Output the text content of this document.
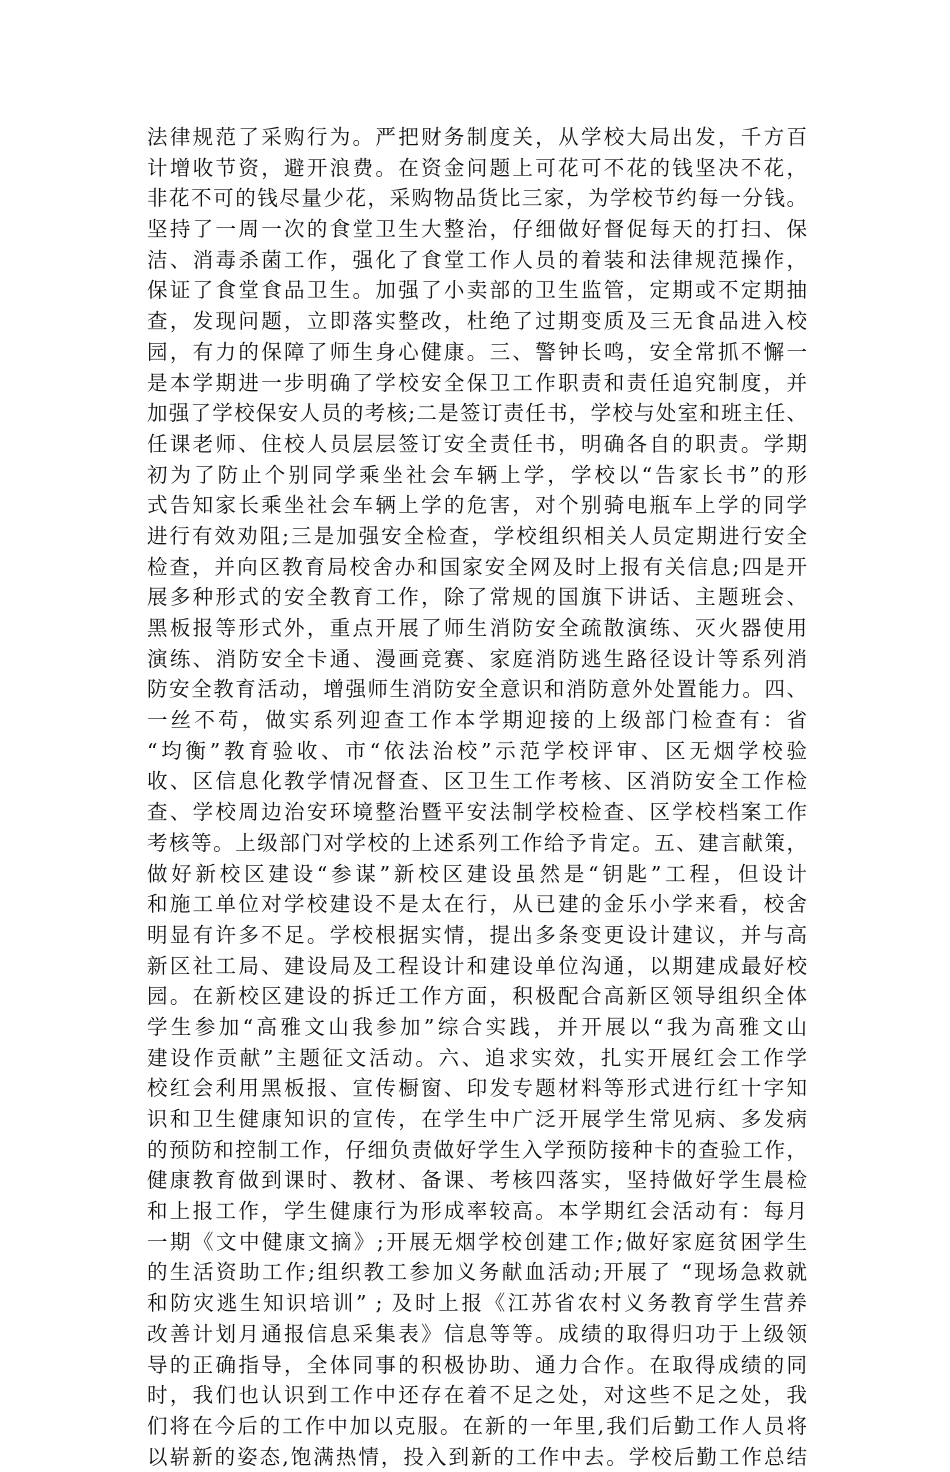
法律规范了采购行为。严把财务制度关，从学校大局出发，千方百
计增收节资，避开浪费。在资金问题上可花可不花的钱坚决不花，
非花不可的钱尽量少花，采购物品货比三家，为学校节约每一分钱。
坚持了一周一次的食堂卫生大整治，仔细做好督促每天的打扫、保
洁、消毒杀菌工作，强化了食堂工作人员的着装和法律规范操作，
保证了食堂食品卫生。加强了小卖部的卫生监管，定期或不定期抽
查，发现问题，立即落实整改，杜绝了过期变质及三无食品进入校
园，有力的保障了师生身心健康。三、警钟长鸣，安全常抓不懈一
是本学期进一步明确了学校安全保卫工作职责和责任追究制度，并
加强了学校保安人员的考核;二是签订责任书，学校与处室和班主任、
任课老师、住校人员层层签订安全责任书，明确各自的职责。学期
初为了防止个别同学乘坐社会车辆上学，学校以“告家长书”的形
式告知家长乘坐社会车辆上学的危害，对个别骑电瓶车上学的同学
进行有效劝阻;三是加强安全检查，学校组织相关人员定期进行安全
检查，并向区教育局校舍办和国家安全网及时上报有关信息;四是开
展多种形式的安全教育工作，除了常规的国旗下讲话、主题班会、
黑板报等形式外，重点开展了师生消防安全疏散演练、灭火器使用
演练、消防安全卡通、漫画竞赛、家庭消防逃生路径设计等系列消
防安全教育活动，增强师生消防安全意识和消防意外处置能力。四、
一丝不苟，做实系列迎查工作本学期迎接的上级部门检查有：省
“均衡”教育验收、市“依法治校”示范学校评审、区无烟学校验
收、区信息化教学情况督查、区卫生工作考核、区消防安全工作检
查、学校周边治安环境整治暨平安法制学校检查、区学校档案工作
考核等。上级部门对学校的上述系列工作给予肯定。五、建言献策，
做好新校区建设“参谋”新校区建设虽然是“钥匙”工程，但设计
和施工单位对学校建设不是太在行，从已建的金乐小学来看，校舍
明显有许多不足。学校根据实情，提出多条变更设计建议，并与高
新区社工局、建设局及工程设计和建设单位沟通，以期建成最好校
园。在新校区建设的拆迁工作方面，积极配合高新区领导组织全体
学生参加“高雅文山我参加”综合实践，并开展以“我为高雅文山
建设作贡献”主题征文活动。六、追求实效，扎实开展红会工作学
校红会利用黑板报、宣传橱窗、印发专题材料等形式进行红十字知
识和卫生健康知识的宣传，在学生中广泛开展学生常见病、多发病
的预防和控制工作，仔细负责做好学生入学预防接种卡的查验工作，
健康教育做到课时、教材、备课、考核四落实，坚持做好学生晨检
和上报工作，学生健康行为形成率较高。本学期红会活动有：每月
一期《文中健康文摘》;开展无烟学校创建工作;做好家庭贫困学生
的生活资助工作;组织教工参加义务献血活动;开展了 “现场急救就
和防灾逃生知识培训” ; 及时上报《江苏省农村义务教育学生营养
改善计划月通报信息采集表》信息等等。成绩的取得归功于上级领
导的正确指导，全体同事的积极协助、通力合作。在取得成绩的同
时，我们也认识到工作中还存在着不足之处，对这些不足之处，我
们将在今后的工作中加以克服。在新的一年里,我们后勤工作人员将
以崭新的姿态,饱满热情，投入到新的工作中去。学校后勤工作总结
